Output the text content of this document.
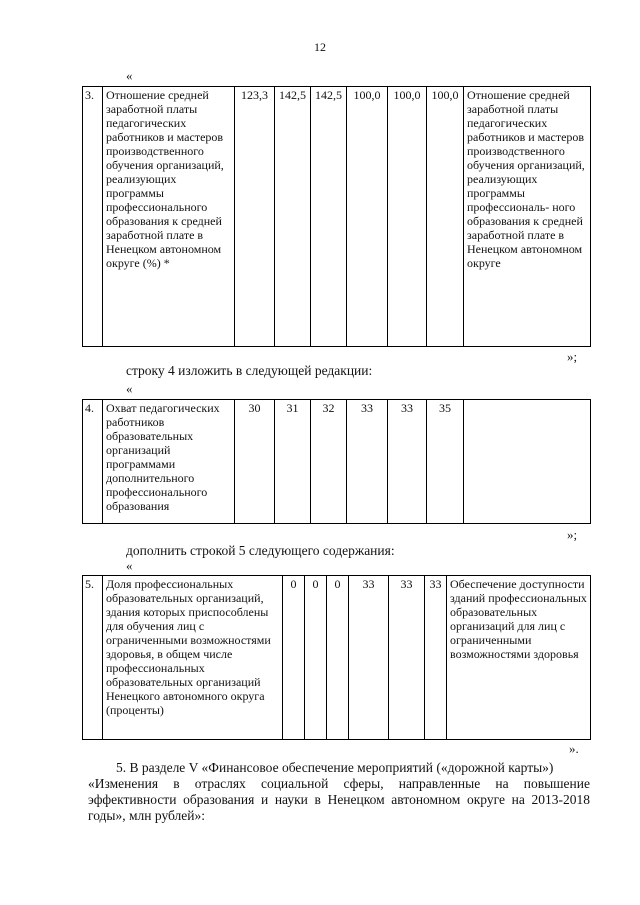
12
«
3.	Отношение средней заработной платы педагогических работников и мастеров производственного обучения организаций, реализующих программы профессионального образования к средней заработной плате в Ненецком автономном округе (%) *	123,3	142,5	142,5	100,0	100,0	100,0	Отношение средней заработной платы педагогических работников и мастеров производственного обучения организаций, реализующих программы профессиональ- ного образования к средней заработной плате в Ненецком автономном округе
»;
строку 4 изложить в следующей редакции:
«
4.	Охват педагогических работников образовательных организаций программами дополнительного профессионального образования	30	31	32	33	33	35	
»;
дополнить строкой 5 следующего содержания:
«
5.	Доля профессиональных образовательных организаций, здания которых приспособлены для обучения лиц с ограниченными возможностями здоровья, в общем числе профессиональных образовательных организаций Ненецкого автономного округа (проценты)	0	0	0	33	33	33	Обеспечение доступности зданий профессиональных образовательных организаций для лиц с ограниченными возможностями здоровья
».
5. В разделе V «Финансовое обеспечение мероприятий («дорожной карты»)
«Изменения в отраслях социальной сферы, направленные на повышение эффективности образования и науки в Ненецком автономном округе на 2013-2018 годы», млн рублей»:
